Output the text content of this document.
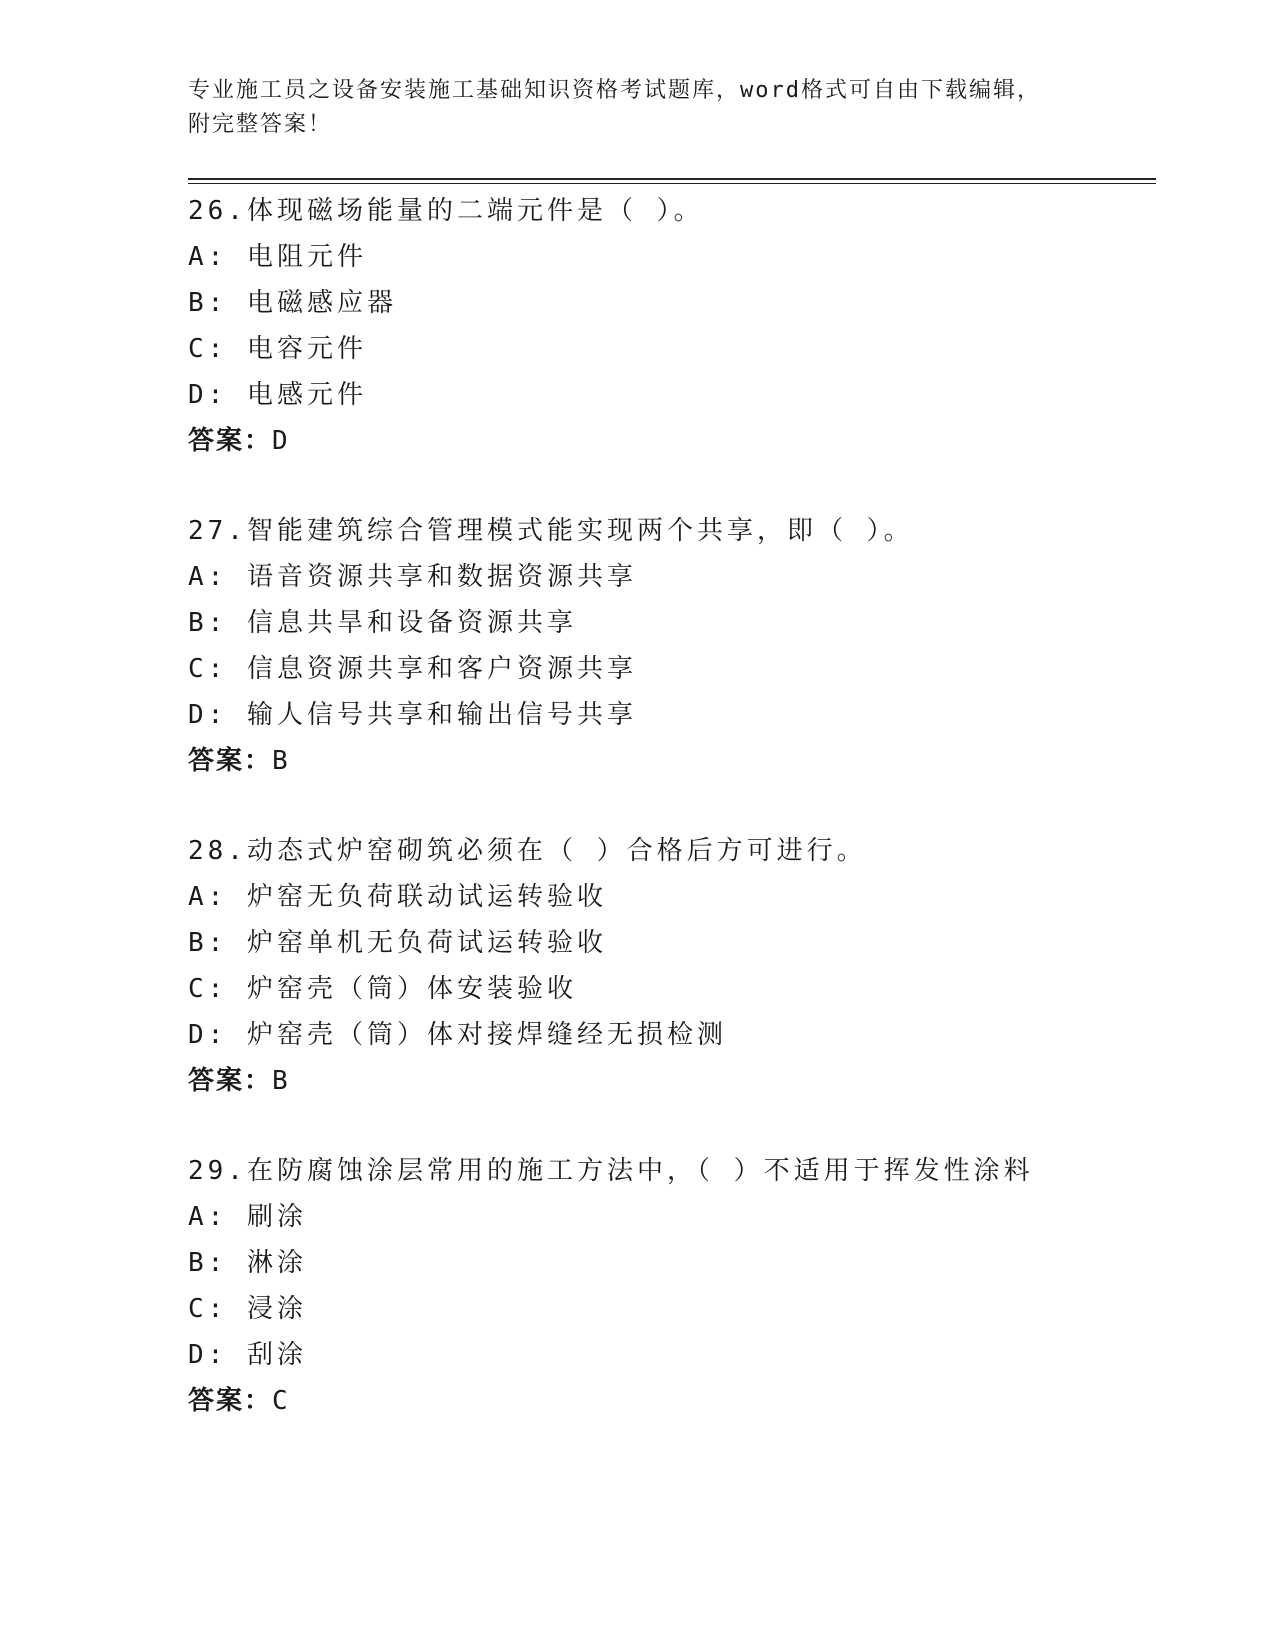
专业施工员之设备安装施工基础知识资格考试题库，word格式可自由下载编辑，
附完整答案！
26.体现磁场能量的二端元件是（ ）。
A: 电阻元件
B: 电磁感应器
C: 电容元件
D: 电感元件
答案：D
27.智能建筑综合管理模式能实现两个共享，即（ ）。
A: 语音资源共享和数据资源共享
B: 信息共旱和设备资源共享
C: 信息资源共享和客户资源共享
D: 输人信号共享和输出信号共享
答案：B
28.动态式炉窑砌筑必须在（ ）合格后方可进行。
A: 炉窑无负荷联动试运转验收
B: 炉窑单机无负荷试运转验收
C: 炉窑壳（筒）体安装验收
D: 炉窑壳（筒）体对接焊缝经无损检测
答案：B
29.在防腐蚀涂层常用的施工方法中，（ ）不适用于挥发性涂料
A: 刷涂
B: 淋涂
C: 浸涂
D: 刮涂
答案：C
